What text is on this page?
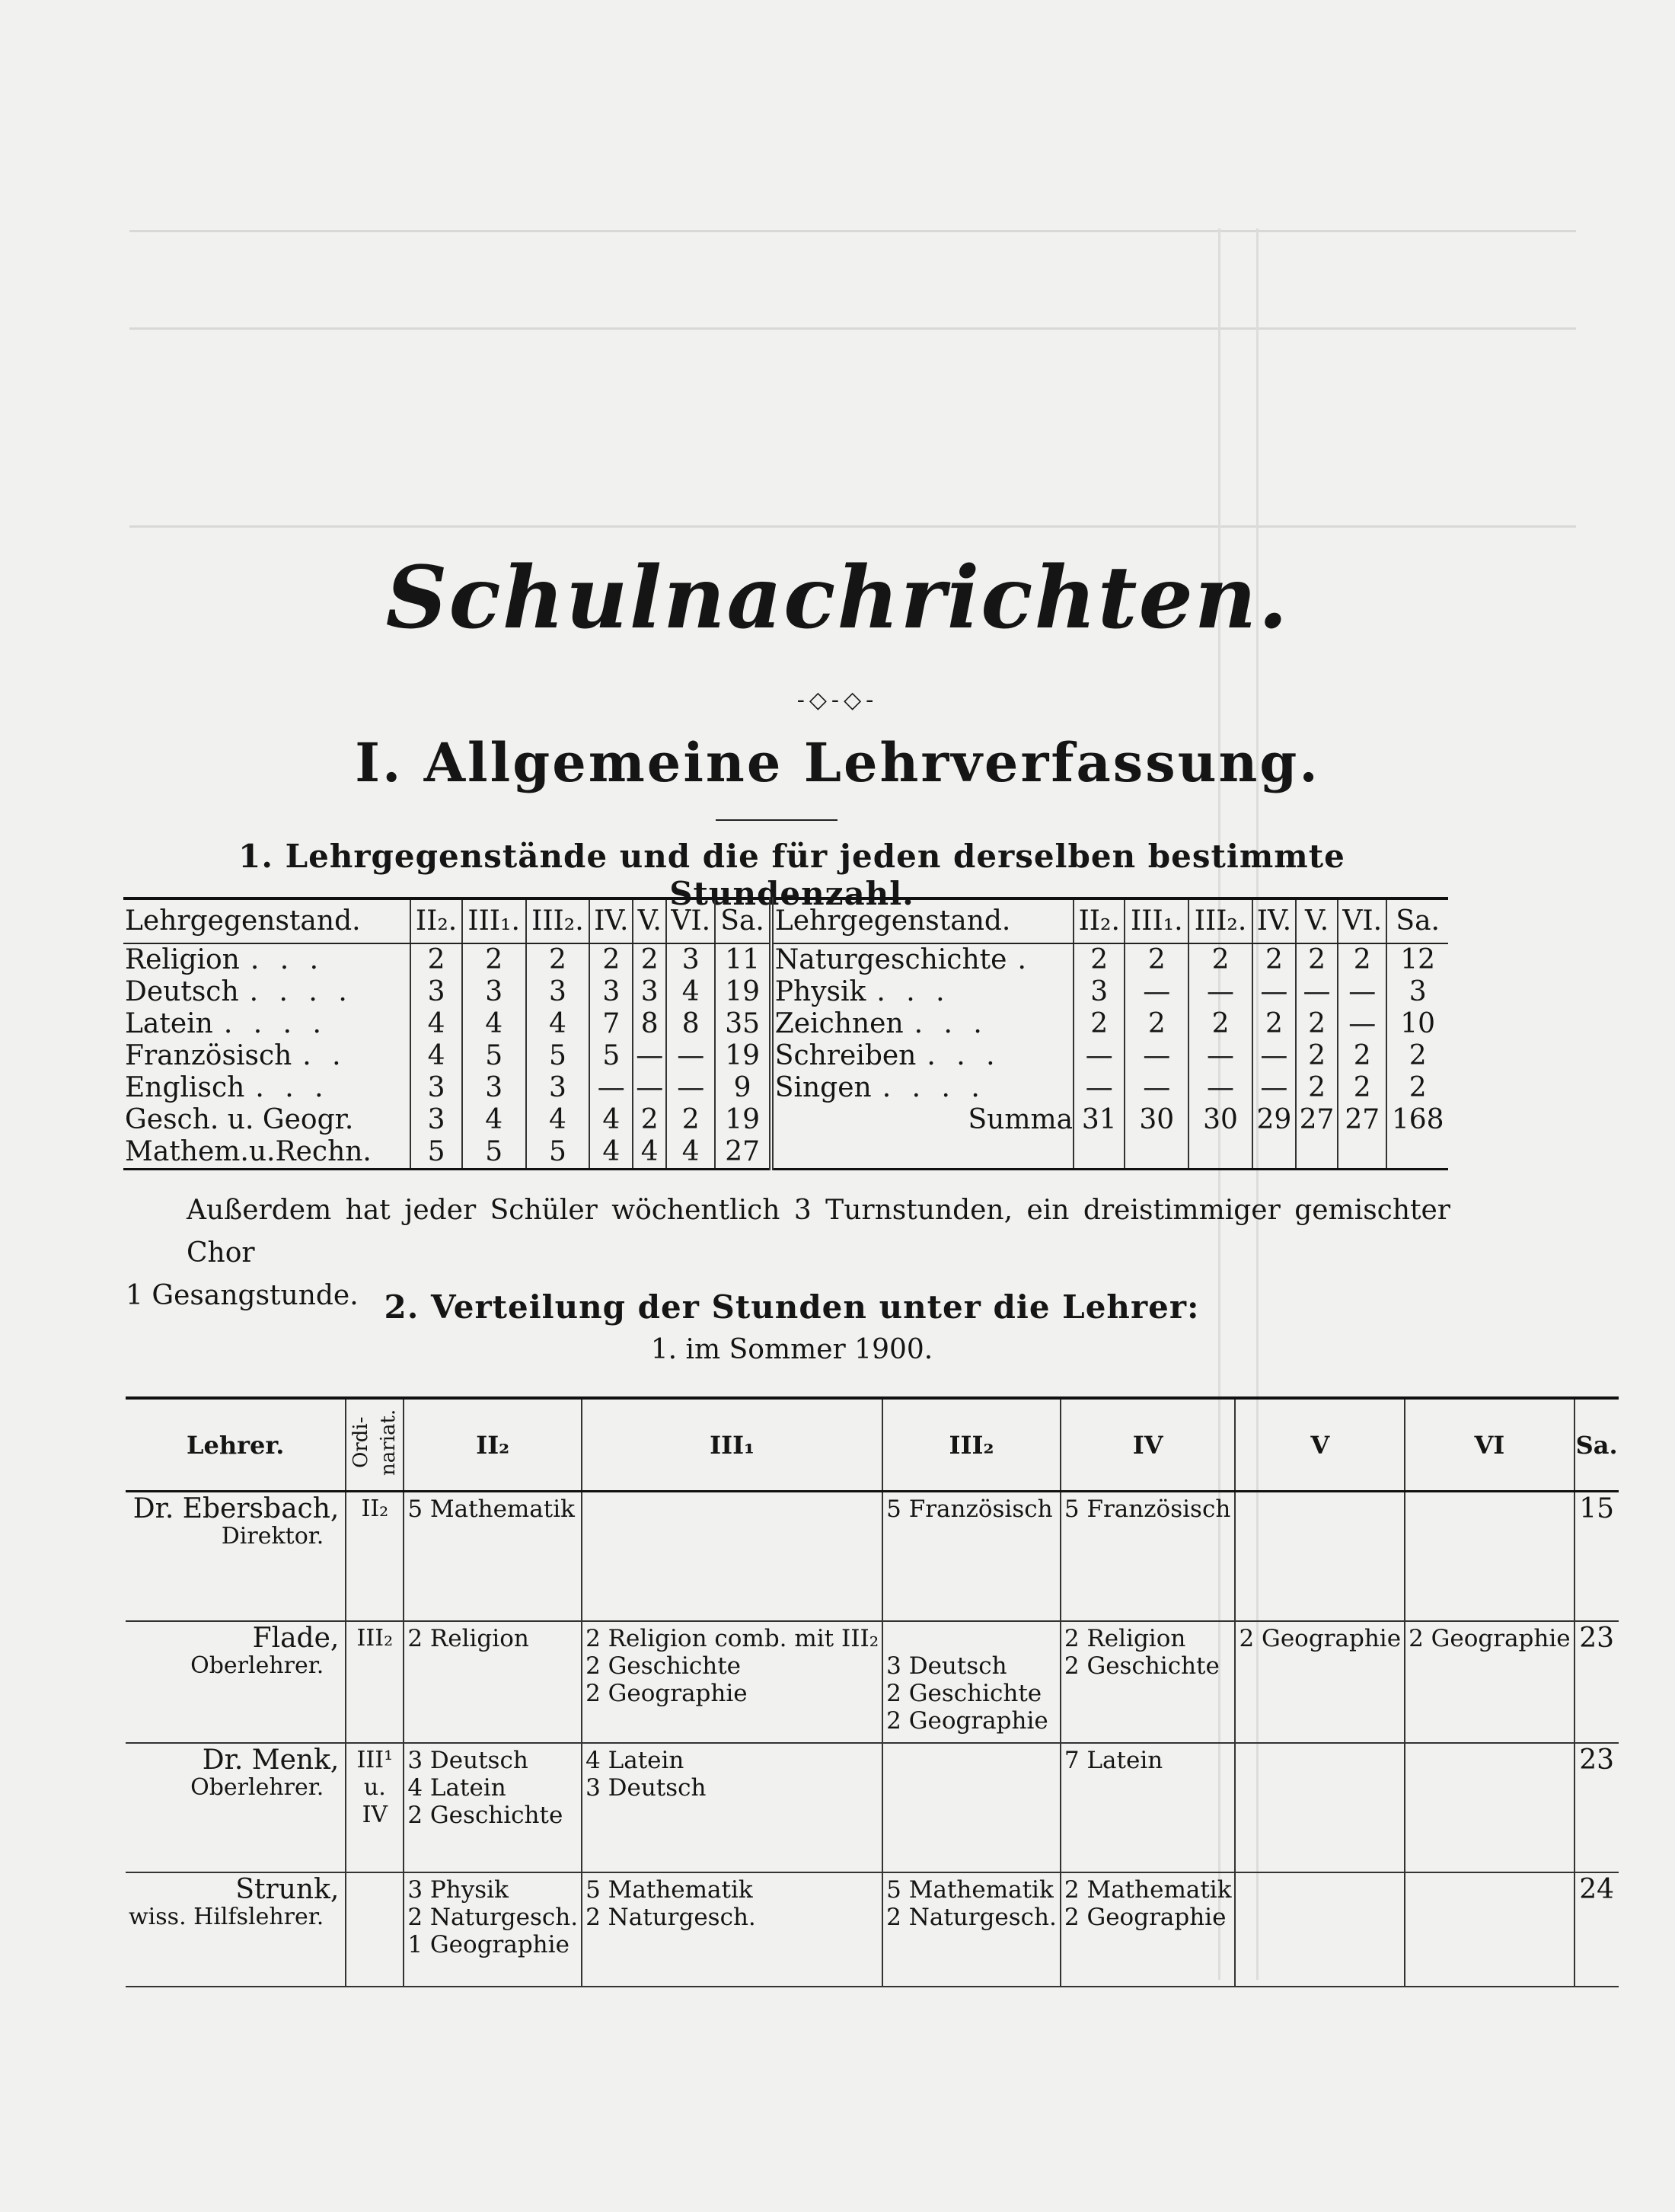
Schulnachrichten.
-◇-◇-
I. Allgemeine Lehrverfassung.
1. Lehrgegenstände und die für jeden derselben bestimmte Stundenzahl.
Lehrgegenstand.	II₂.	III₁.	III₂.	IV.	V.	VI.	Sa.	Lehrgegenstand.	II₂.	III₁.	III₂.	IV.	V.	VI.	Sa.
Religion . . .	2	2	2	2	2	3	11	Naturgeschichte .	2	2	2	2	2	2	12
Deutsch . . . .	3	3	3	3	3	4	19	Physik . . .	3	—	—	—	—	—	3
Latein . . . .	4	4	4	7	8	8	35	Zeichnen . . .	2	2	2	2	2	—	10
Französisch . .	4	5	5	5	—	—	19	Schreiben . . .	—	—	—	—	2	2	2
Englisch . . .	3	3	3	—	—	—	9	Singen . . . .	—	—	—	—	2	2	2
Gesch. u. Geogr.	3	4	4	4	2	2	19	Summa	31	30	30	29	27	27	168
Mathem.u.Rechn.	5	5	5	4	4	4	27								
Außerdem hat jeder Schüler wöchentlich 3 Turnstunden, ein dreistimmiger gemischter Chor
1 Gesangstunde. 2. Verteilung der Stunden unter die Lehrer:
1. im Sommer 1900.
Lehrer.	Ordi-nariat.	II₂	III₁	III₂	IV	V	VI	Sa.

Dr. Ebersbach,
Direktor.	II₂	5 Mathematik		5 Französisch	5 Französisch			15

Flade,
Oberlehrer.	III₂	2 Religion	2 Religion comb. mit III₂
2 Geschichte
2 Geographie	3 Deutsch
2 Geschichte
2 Geographie	2 Religion
2 Geschichte	2 Geographie	2 Geographie	23

Dr. Menk,
Oberlehrer.	III¹
u.
IV	3 Deutsch
4 Latein
2 Geschichte	4 Latein
3 Deutsch		7 Latein			23

Strunk,
wiss. Hilfslehrer.		3 Physik
2 Naturgesch.
1 Geographie	5 Mathematik
2 Naturgesch.	5 Mathematik
2 Naturgesch.	2 Mathematik
2 Geographie			24
